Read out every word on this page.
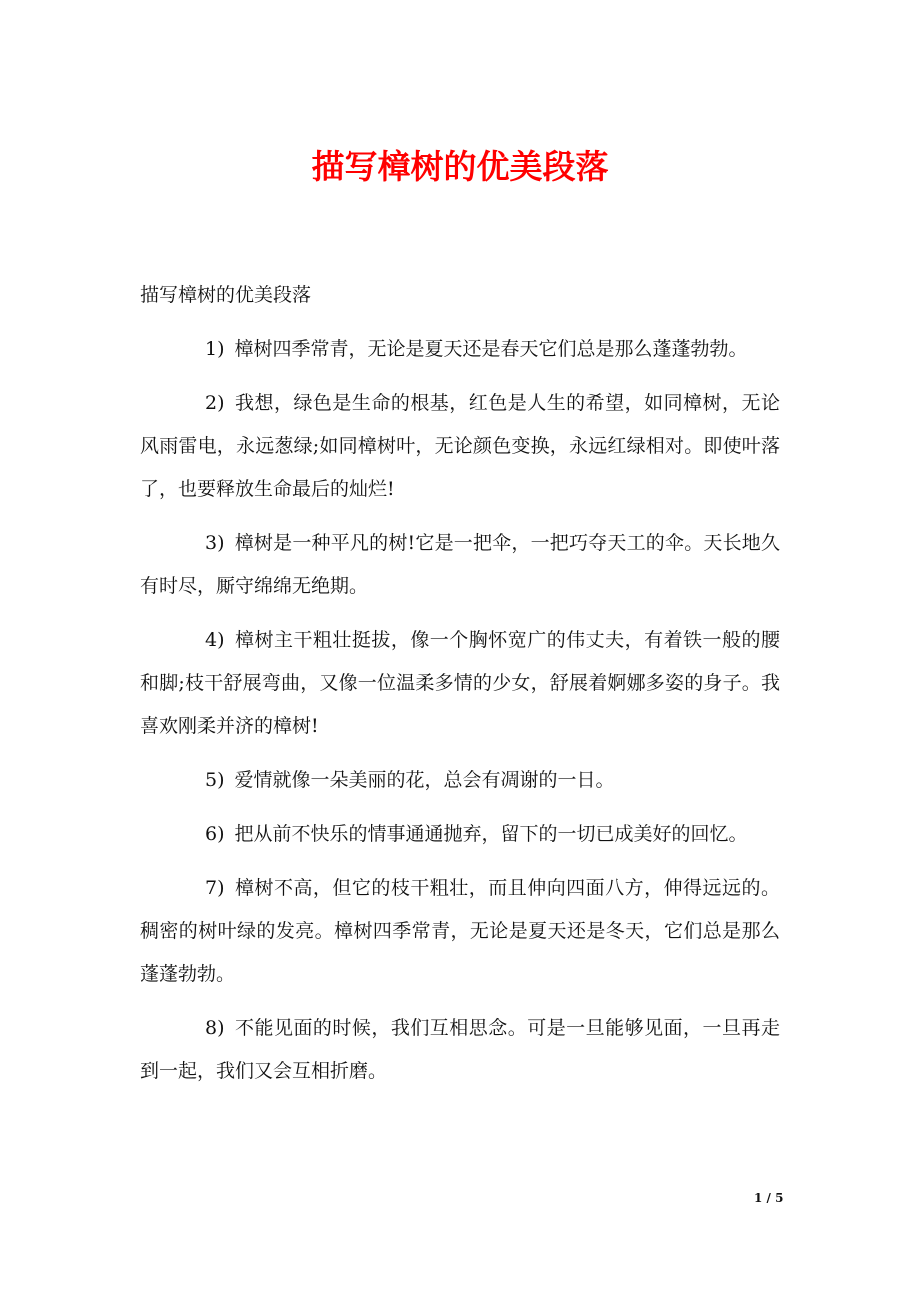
描写樟树的优美段落

描写樟树的优美段落

1) 樟树四季常青，无论是夏天还是春天它们总是那么蓬蓬勃勃。

2) 我想，绿色是生命的根基，红色是人生的希望，如同樟树，无论风雨雷电，永远葱绿;如同樟树叶，无论颜色变换，永远红绿相对。即使叶落了，也要释放生命最后的灿烂!

3) 樟树是一种平凡的树!它是一把伞，一把巧夺天工的伞。天长地久有时尽，厮守绵绵无绝期。

4) 樟树主干粗壮挺拔，像一个胸怀宽广的伟丈夫，有着铁一般的腰和脚;枝干舒展弯曲，又像一位温柔多情的少女，舒展着婀娜多姿的身子。我喜欢刚柔并济的樟树!

5) 爱情就像一朵美丽的花，总会有凋谢的一日。

6) 把从前不快乐的情事通通抛弃，留下的一切已成美好的回忆。

7) 樟树不高，但它的枝干粗壮，而且伸向四面八方，伸得远远的。稠密的树叶绿的发亮。樟树四季常青，无论是夏天还是冬天，它们总是那么蓬蓬勃勃。

8) 不能见面的时候，我们互相思念。可是一旦能够见面，一旦再走到一起，我们又会互相折磨。

1 / 5
